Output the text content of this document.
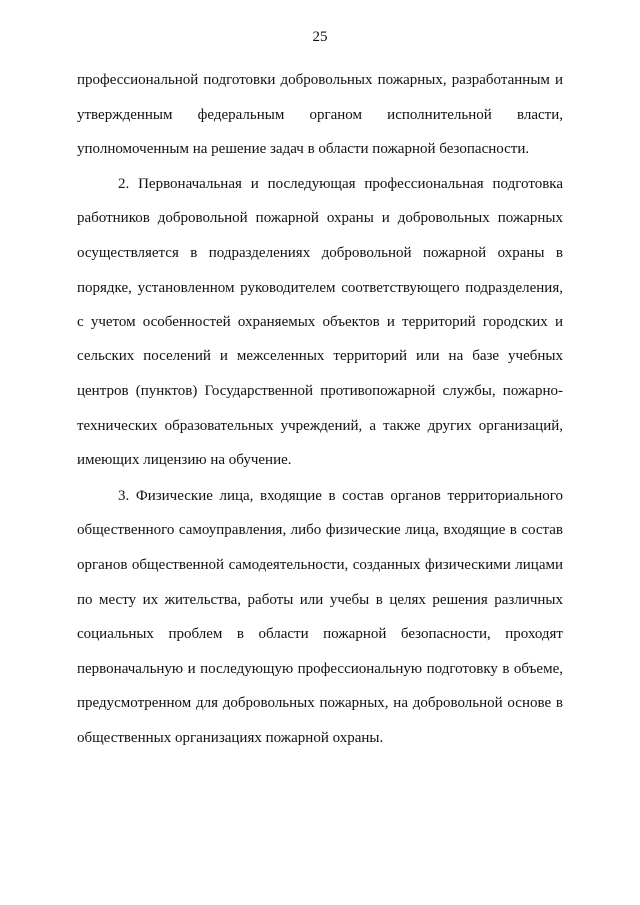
25
профессиональной подготовки добровольных пожарных, разработанным и
утвержденным федеральным органом исполнительной власти,
уполномоченным на решение задач в области пожарной безопасности.
2. Первоначальная и последующая профессиональная подготовка
работников добровольной пожарной охраны и добровольных пожарных
осуществляется в подразделениях добровольной пожарной охраны в
порядке, установленном руководителем соответствующего подразделения,
с учетом особенностей охраняемых объектов и территорий городских и
сельских поселений и межселенных территорий или на базе учебных
центров (пунктов) Государственной противопожарной службы, пожарно-
технических образовательных учреждений, а также других организаций,
имеющих лицензию на обучение.
3. Физические лица, входящие в состав органов территориального
общественного самоуправления, либо физические лица, входящие в состав
органов общественной самодеятельности, созданных физическими лицами
по месту их жительства, работы или учебы в целях решения различных
социальных проблем в области пожарной безопасности, проходят
первоначальную и последующую профессиональную подготовку в объеме,
предусмотренном для добровольных пожарных, на добровольной основе в
общественных организациях пожарной охраны.
